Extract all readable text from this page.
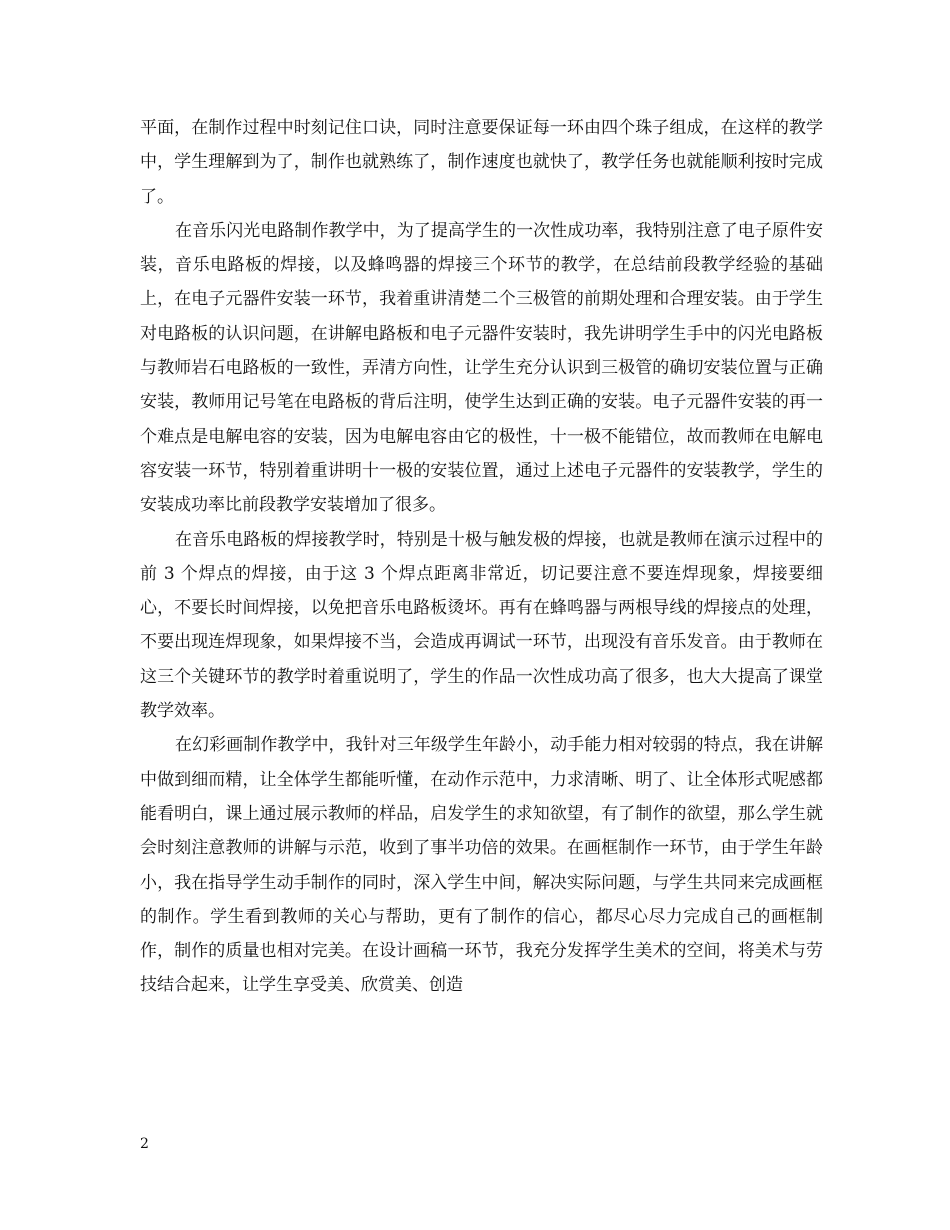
平面，在制作过程中时刻记住口诀，同时注意要保证每一环由四个珠子组成，在这样的教学中，学生理解到为了，制作也就熟练了，制作速度也就快了，教学任务也就能顺利按时完成了。

在音乐闪光电路制作教学中，为了提高学生的一次性成功率，我特别注意了电子原件安装，音乐电路板的焊接，以及蜂鸣器的焊接三个环节的教学，在总结前段教学经验的基础上，在电子元器件安装一环节，我着重讲清楚二个三极管的前期处理和合理安装。由于学生对电路板的认识问题，在讲解电路板和电子元器件安装时，我先讲明学生手中的闪光电路板与教师岩石电路板的一致性，弄清方向性，让学生充分认识到三极管的确切安装位置与正确安装，教师用记号笔在电路板的背后注明，使学生达到正确的安装。电子元器件安装的再一个难点是电解电容的安装，因为电解电容由它的极性，十一极不能错位，故而教师在电解电容安装一环节，特别着重讲明十一极的安装位置，通过上述电子元器件的安装教学，学生的安装成功率比前段教学安装增加了很多。

在音乐电路板的焊接教学时，特别是十极与触发极的焊接，也就是教师在演示过程中的前 3 个焊点的焊接，由于这 3 个焊点距离非常近，切记要注意不要连焊现象，焊接要细心，不要长时间焊接，以免把音乐电路板烫坏。再有在蜂鸣器与两根导线的焊接点的处理，不要出现连焊现象，如果焊接不当，会造成再调试一环节，出现没有音乐发音。由于教师在这三个关键环节的教学时着重说明了，学生的作品一次性成功高了很多，也大大提高了课堂教学效率。

在幻彩画制作教学中，我针对三年级学生年龄小，动手能力相对较弱的特点，我在讲解中做到细而精，让全体学生都能听懂，在动作示范中，力求清晰、明了、让全体形式呢感都能看明白，课上通过展示教师的样品，启发学生的求知欲望，有了制作的欲望，那么学生就会时刻注意教师的讲解与示范，收到了事半功倍的效果。在画框制作一环节，由于学生年龄小，我在指导学生动手制作的同时，深入学生中间，解决实际问题，与学生共同来完成画框的制作。学生看到教师的关心与帮助，更有了制作的信心，都尽心尽力完成自己的画框制作，制作的质量也相对完美。在设计画稿一环节，我充分发挥学生美术的空间，将美术与劳技结合起来，让学生享受美、欣赏美、创造

2
